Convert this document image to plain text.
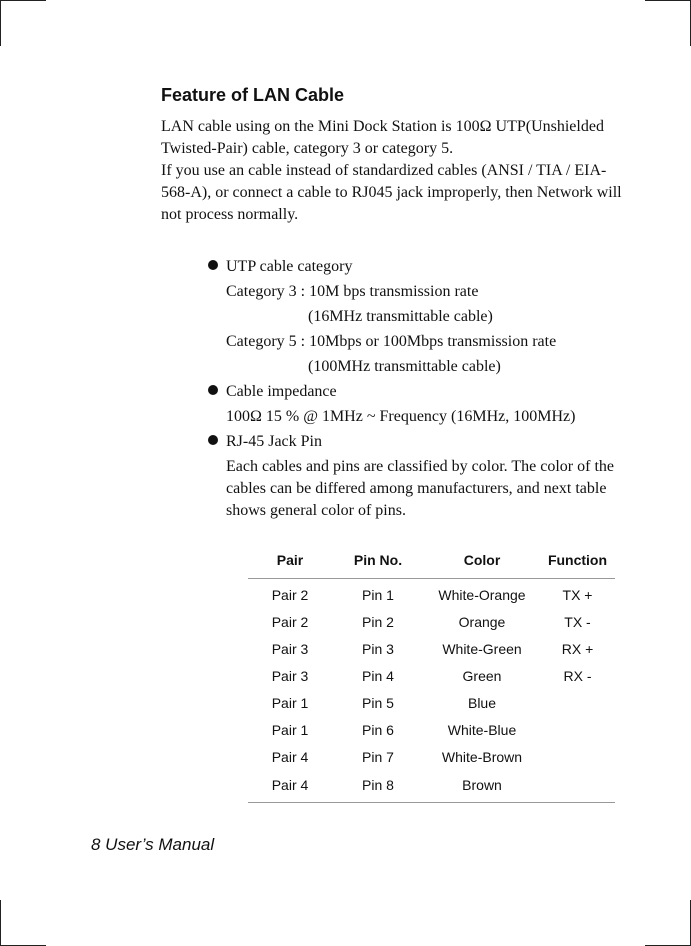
Feature of LAN Cable

LAN cable using on the Mini Dock Station is 100Ω UTP(Unshielded Twisted-Pair) cable, category 3 or category 5.

If you use an cable instead of standardized cables (ANSI / TIA / EIA-568-A), or connect a cable to RJ045 jack improperly, then Network will not process normally.

UTP cable category
Category 3 : 10M bps transmission rate
(16MHz transmittable cable)
Category 5 : 10Mbps or 100Mbps transmission rate
(100MHz transmittable cable)
Cable impedance
100Ω 15 % @ 1MHz ~ Frequency (16MHz, 100MHz)
RJ-45 Jack Pin

Each cables and pins are classified by color. The color of the cables can be differed among manufacturers, and next table shows general color of pins.

Pair	Pin No.	Color	Function
Pair 2	Pin 1	White-Orange	TX +
Pair 2	Pin 2	Orange	TX -
Pair 3	Pin 3	White-Green	RX +
Pair 3	Pin 4	Green	RX -
Pair 1	Pin 5	Blue	
Pair 1	Pin 6	White-Blue	
Pair 4	Pin 7	White-Brown	
Pair 4	Pin 8	Brown	
8 User’s Manual
